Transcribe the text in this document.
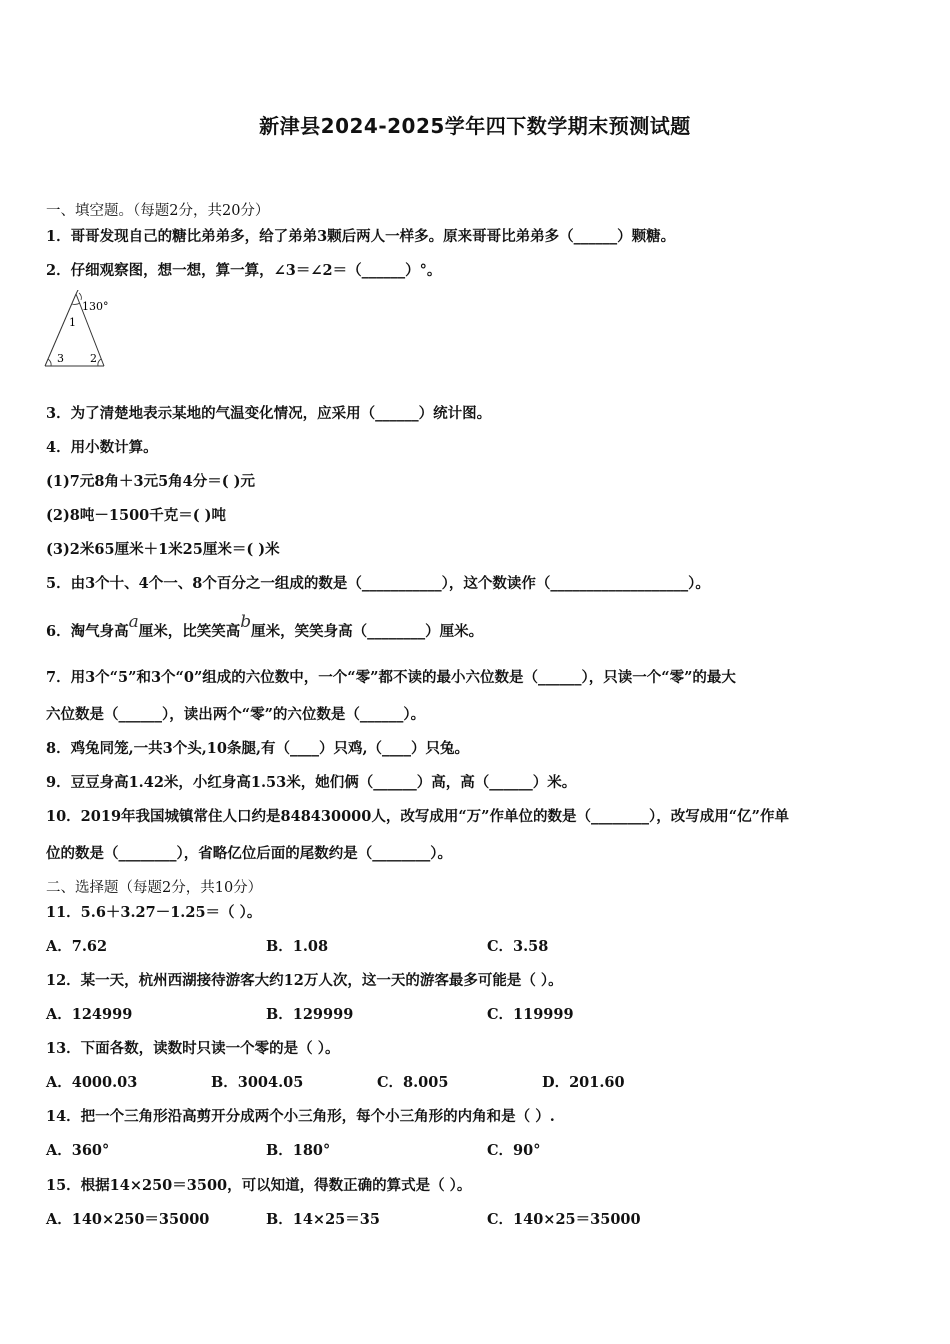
新津县2024-2025学年四下数学期末预测试题
一、填空题。（每题2分，共20分）
1．哥哥发现自己的糖比弟弟多，给了弟弟3颗后两人一样多。原来哥哥比弟弟多（______）颗糖。
2．仔细观察图，想一想，算一算，∠3＝∠2＝（______）°。
130°
1
2
3
3．为了清楚地表示某地的气温变化情况，应采用（______）统计图。
4．用小数计算。
(1)7元8角＋3元5角4分＝( )元
(2)8吨－1500千克＝( )吨
(3)2米65厘米＋1米25厘米＝( )米
5．由3个十、4个一、8个百分之一组成的数是（___________），这个数读作（___________________）。
6．淘气身高a厘米，比笑笑高b厘米，笑笑身高（________）厘米。
7．用3个“5”和3个“0”组成的六位数中，一个“零”都不读的最小六位数是（______），只读一个“零”的最大
六位数是（______），读出两个“零”的六位数是（______）。
8．鸡兔同笼,一共3个头,10条腿,有（____）只鸡,（____）只兔。
9．豆豆身高1.42米，小红身高1.53米，她们俩（______）高，高（______）米。
10．2019年我国城镇常住人口约是848430000人，改写成用“万”作单位的数是（________），改写成用“亿”作单
位的数是（________），省略亿位后面的尾数约是（________）。
二、选择题（每题2分，共10分）
11．5.6＋3.27－1.25＝（ ）。
A．7.62	B．1.08	C．3.58
12．某一天，杭州西湖接待游客大约12万人次，这一天的游客最多可能是（ ）。
A．124999	B．129999	C．119999
13．下面各数，读数时只读一个零的是（ ）。
A．4000.03	B．3004.05	C．8.005	D．201.60
14．把一个三角形沿高剪开分成两个小三角形，每个小三角形的内角和是（ ）.
A．360°	B．180°	C．90°
15．根据14×250＝3500，可以知道，得数正确的算式是（ ）。
A．140×250＝35000	B．14×25＝35	C．140×25＝35000
